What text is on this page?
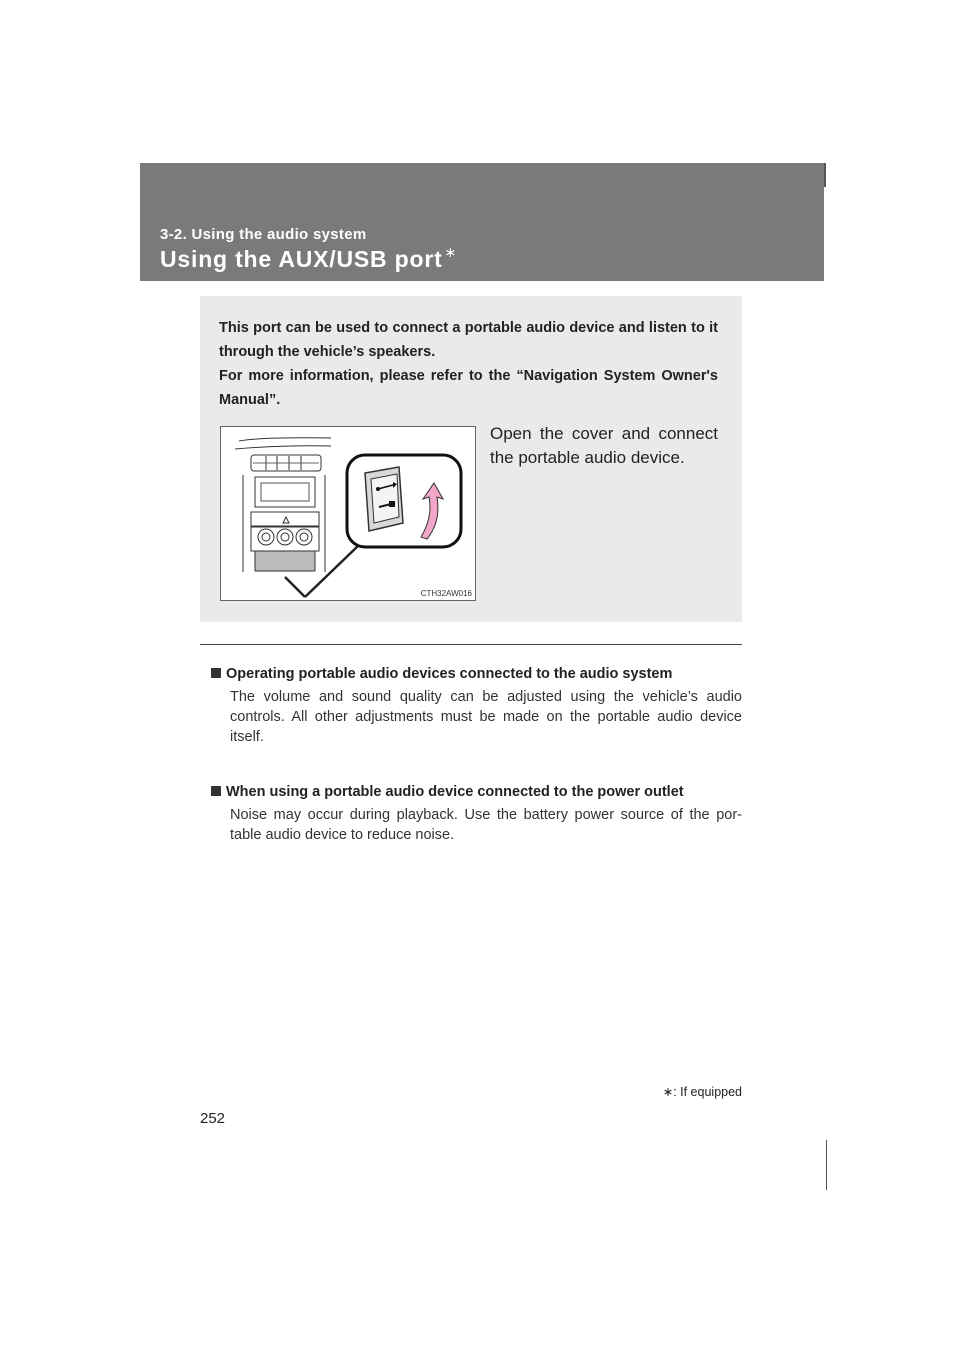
3-2. Using the audio system
Using the AUX/USB port ∗

This port can be used to connect a portable audio device and listen to it through the vehicle’s speakers.

For more information, please refer to the “Navigation System Owner's Manual”.

CTH32AW016
Open the cover and connect the portable audio device.
Operating portable audio devices connected to the audio system
The volume and sound quality can be adjusted using the vehicle’s audio controls. All other adjustments must be made on the portable audio device itself.
When using a portable audio device connected to the power outlet
Noise may occur during playback. Use the battery power source of the por-table audio device to reduce noise.
∗: If equipped
252
